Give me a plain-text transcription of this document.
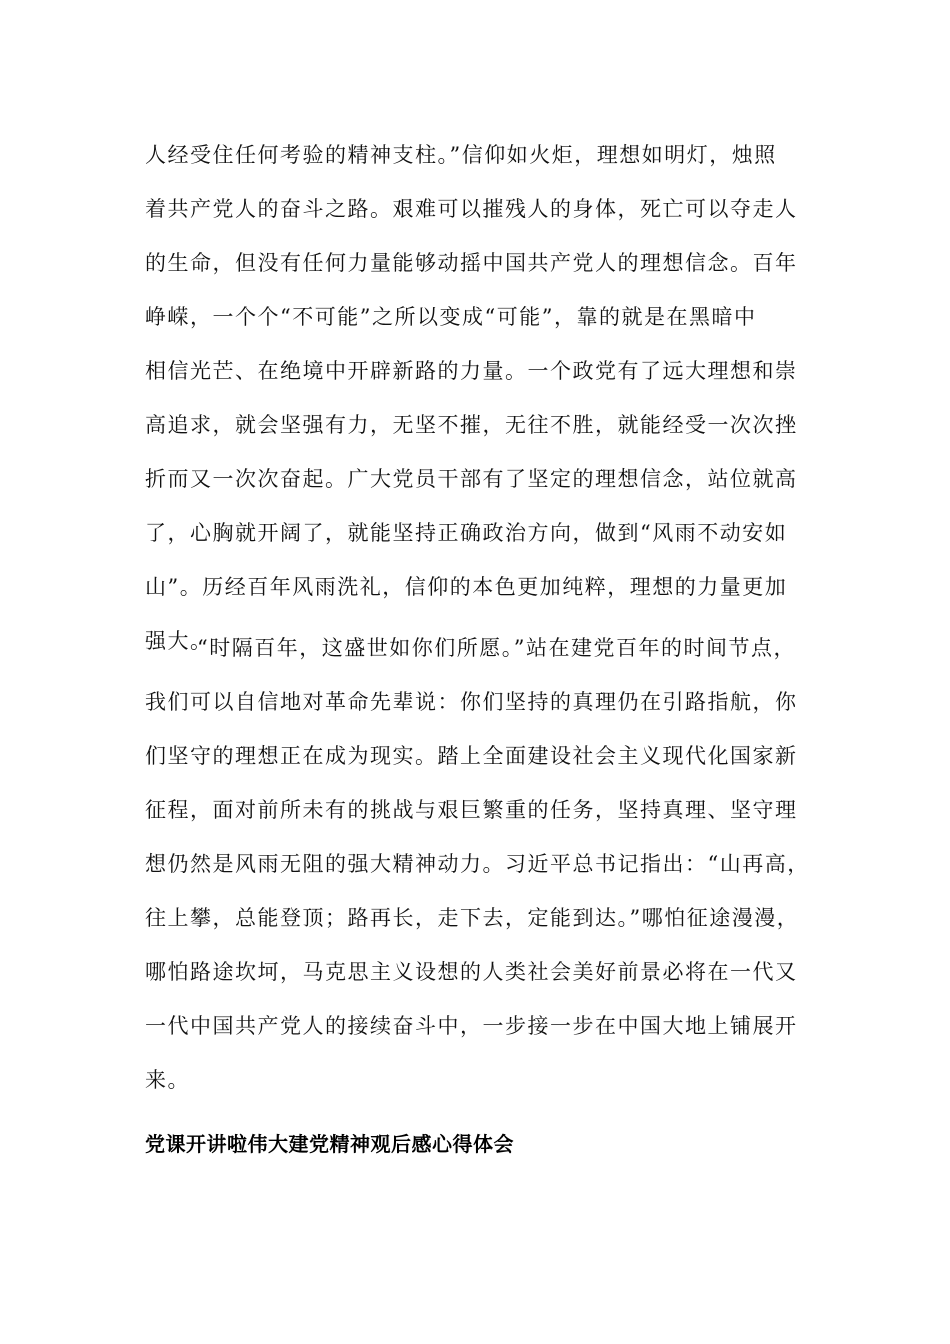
人经受住任何考验的精神支柱。”信仰如火炬，理想如明灯，烛照
着共产党人的奋斗之路。艰难可以摧残人的身体，死亡可以夺走人
的生命，但没有任何力量能够动摇中国共产党人的理想信念。百年
峥嵘，一个个“不可能”之所以变成“可能”，靠的就是在黑暗中
相信光芒、在绝境中开辟新路的力量。一个政党有了远大理想和崇
高追求，就会坚强有力，无坚不摧，无往不胜，就能经受一次次挫
折而又一次次奋起。广大党员干部有了坚定的理想信念，站位就高
了，心胸就开阔了，就能坚持正确政治方向，做到“风雨不动安如
山”。历经百年风雨洗礼，信仰的本色更加纯粹，理想的力量更加
强大。
“时隔百年，这盛世如你们所愿。”站在建党百年的时间节点，
我们可以自信地对革命先辈说：你们坚持的真理仍在引路指航，你
们坚守的理想正在成为现实。踏上全面建设社会主义现代化国家新
征程，面对前所未有的挑战与艰巨繁重的任务，坚持真理、坚守理
想仍然是风雨无阻的强大精神动力。习近平总书记指出：“山再高，
往上攀，总能登顶；路再长，走下去，定能到达。”哪怕征途漫漫，
哪怕路途坎坷，马克思主义设想的人类社会美好前景必将在一代又
一代中国共产党人的接续奋斗中，一步接一步在中国大地上铺展开
来。
党课开讲啦伟大建党精神观后感心得体会
